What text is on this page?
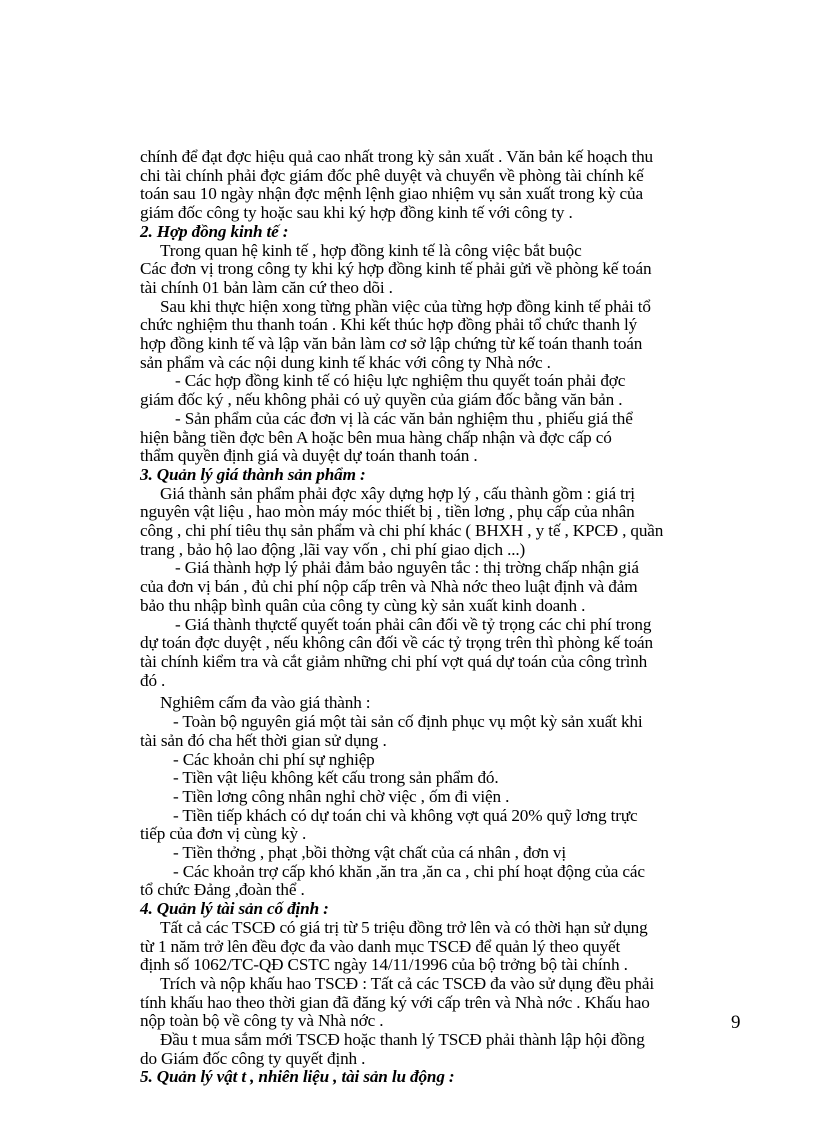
chính để đạt đợc hiệu quả cao nhất trong kỳ sản xuất . Văn bản kế hoạch thu
chi tài chính phải đợc giám đốc phê duyệt và chuyển về phòng tài chính kế
toán sau 10 ngày nhận đợc mệnh lệnh giao nhiệm vụ sản xuất trong kỳ của
giám đốc công ty hoặc sau khi ký hợp đồng kinh tế với công ty .
2. Hợp đồng kinh tế :
Trong quan hệ kinh tế , hợp đồng kinh tế là công việc bắt buộc
Các đơn vị trong công ty khi ký hợp đồng kinh tế phải gửi về phòng kế toán
tài chính 01 bản làm căn cứ theo dõi .
Sau khi thực hiện xong từng phần việc của từng hợp đồng kinh tế phải tổ
chức nghiệm thu thanh toán . Khi kết thúc hợp đồng phải tổ chức thanh lý
hợp đồng kinh tế và lập văn bản làm cơ sở lập chứng từ kế toán thanh toán
sản phẩm và các nội dung kinh tế khác với công ty Nhà nớc .
- Các hợp đồng kinh tế có hiệu lực nghiệm thu quyết toán phải đợc
giám đốc ký , nếu không phải có uỷ quyền của giám đốc bằng văn bản .
- Sản phẩm của các đơn vị là các văn bản nghiệm thu , phiếu giá thể
hiện bằng tiền đợc bên A hoặc bên mua hàng chấp nhận và đợc cấp có
thẩm quyền định giá và duyệt dự toán thanh toán .
3. Quản lý giá thành sản phẩm :
Giá thành sản phẩm phải đợc xây dựng hợp lý , cấu thành gồm : giá trị
nguyên vật liệu , hao mòn máy móc thiết bị , tiền lơng , phụ cấp của nhân
công , chi phí tiêu thụ sản phẩm và chi phí khác ( BHXH , y tế , KPCĐ , quần
trang , bảo hộ lao động ,lãi vay vốn , chi phí giao dịch ...)
- Giá thành hợp lý phải đảm bảo nguyên tắc : thị trờng chấp nhận giá
của đơn vị bán , đủ chi phí nộp cấp trên và Nhà nớc theo luật định và đảm
bảo thu nhập bình quân của công ty cùng kỳ sản xuất kinh doanh .
- Giá thành thựctế quyết toán phải cân đối về tỷ trọng các chi phí trong
dự toán đợc duyệt , nếu không cân đối về các tỷ trọng trên thì phòng kế toán
tài chính kiểm tra và cắt giảm những chi phí vợt quá dự toán của công trình
đó .
Nghiêm cấm đa vào giá thành :
- Toàn bộ nguyên giá một tài sản cố định phục vụ một kỳ sản xuất khi
tài sản đó cha hết thời gian sử dụng .
- Các khoản chi phí sự nghiệp
- Tiền vật liệu không kết cấu trong sản phẩm đó.
- Tiền lơng công nhân nghỉ chờ việc , ốm đi viện .
- Tiền tiếp khách có dự toán chi và không vợt quá 20% quỹ lơng trực
tiếp của đơn vị cùng kỳ .
- Tiền thởng , phạt ,bồi thờng vật chất của cá nhân , đơn vị
- Các khoản trợ cấp khó khăn ,ăn tra ,ăn ca , chi phí hoạt động của các
tổ chức Đảng ,đoàn thể .
4. Quản lý tài sản cố định :
Tất cả các TSCĐ có giá trị từ 5 triệu đồng trở lên và có thời hạn sử dụng
từ 1 năm trở lên đều đợc đa vào danh mục TSCĐ để quản lý theo quyết
định số 1062/TC-QĐ CSTC ngày 14/11/1996 của bộ trởng bộ tài chính .
Trích và nộp khấu hao TSCĐ : Tất cả các TSCĐ đa vào sử dụng đều phải
tính khấu hao theo thời gian đã đăng ký với cấp trên và Nhà nớc . Khấu hao
nộp toàn bộ về công ty và Nhà nớc .
Đầu t mua sắm mới TSCĐ hoặc thanh lý TSCĐ phải thành lập hội đồng
do Giám đốc công ty quyết định .
5. Quản lý vật t , nhiên liệu , tài sản lu động :
9
